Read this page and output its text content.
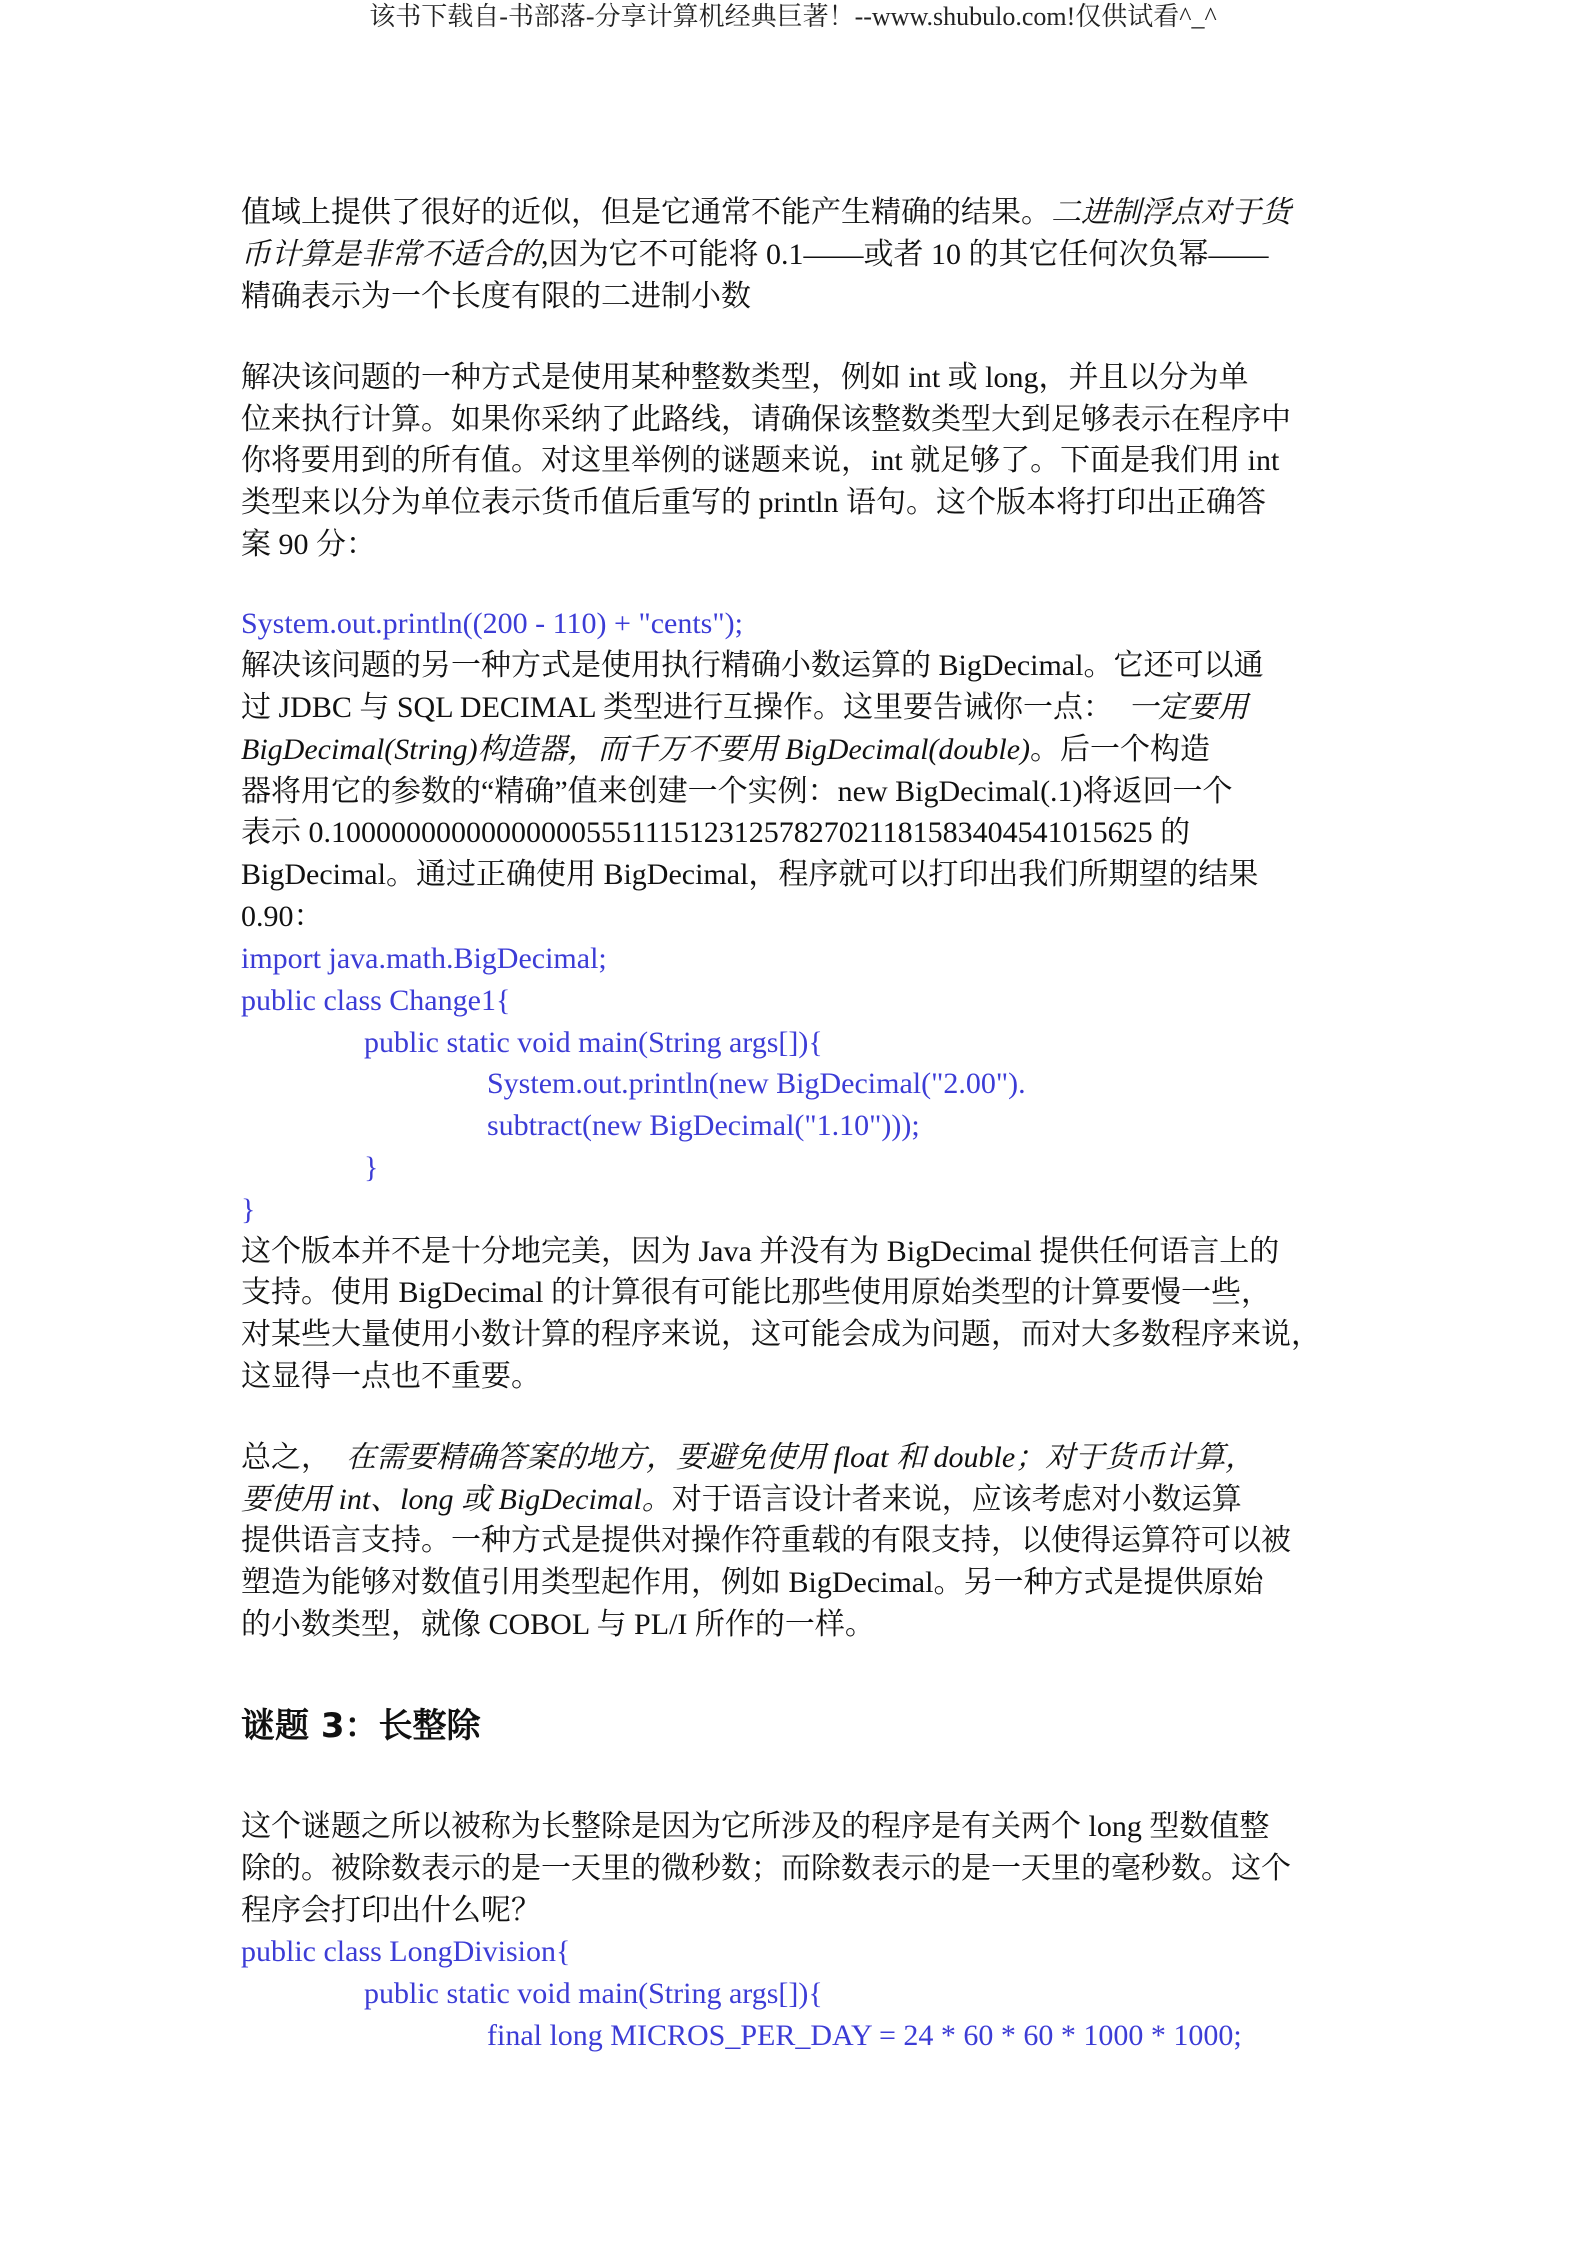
该书下载自-书部落-分享计算机经典巨著！--www.shubulo.com!仅供试看^_^
值域上提供了很好的近似，但是它通常不能产生精确的结果。二进制浮点对于货
币计算是非常不适合的,因为它不可能将 0.1——或者 10 的其它任何次负幂——
精确表示为一个长度有限的二进制小数
解决该问题的一种方式是使用某种整数类型，例如 int 或 long，并且以分为单
位来执行计算。如果你采纳了此路线，请确保该整数类型大到足够表示在程序中
你将要用到的所有值。对这里举例的谜题来说，int 就足够了。下面是我们用 int
类型来以分为单位表示货币值后重写的 println 语句。这个版本将打印出正确答
案 90 分：
System.out.println((200 - 110) + "cents");
解决该问题的另一种方式是使用执行精确小数运算的 BigDecimal。它还可以通
过 JDBC 与 SQL DECIMAL 类型进行互操作。这里要告诫你一点：  一定要用
BigDecimal(String)构造器，而千万不要用 BigDecimal(double)。后一个构造
器将用它的参数的“精确”值来创建一个实例：new BigDecimal(.1)将返回一个
表示 0.1000000000000000055511151231257827021181583404541015625 的
BigDecimal。通过正确使用 BigDecimal，程序就可以打印出我们所期望的结果
0.90：
import java.math.BigDecimal;
public class Change1{
public static void main(String args[]){
System.out.println(new BigDecimal("2.00").
subtract(new BigDecimal("1.10")));
}
}
这个版本并不是十分地完美，因为 Java 并没有为 BigDecimal 提供任何语言上的
支持。使用 BigDecimal 的计算很有可能比那些使用原始类型的计算要慢一些，
对某些大量使用小数计算的程序来说，这可能会成为问题，而对大多数程序来说，
这显得一点也不重要。
总之，  在需要精确答案的地方，要避免使用 float 和 double；对于货币计算，
要使用 int、long 或 BigDecimal。对于语言设计者来说，应该考虑对小数运算
提供语言支持。一种方式是提供对操作符重载的有限支持，以使得运算符可以被
塑造为能够对数值引用类型起作用，例如 BigDecimal。另一种方式是提供原始
的小数类型，就像 COBOL 与 PL/I 所作的一样。
谜题 3：长整除
这个谜题之所以被称为长整除是因为它所涉及的程序是有关两个 long 型数值整
除的。被除数表示的是一天里的微秒数；而除数表示的是一天里的毫秒数。这个
程序会打印出什么呢？
public class LongDivision{
public static void main(String args[]){
final long MICROS_PER_DAY = 24 * 60 * 60 * 1000 * 1000;
